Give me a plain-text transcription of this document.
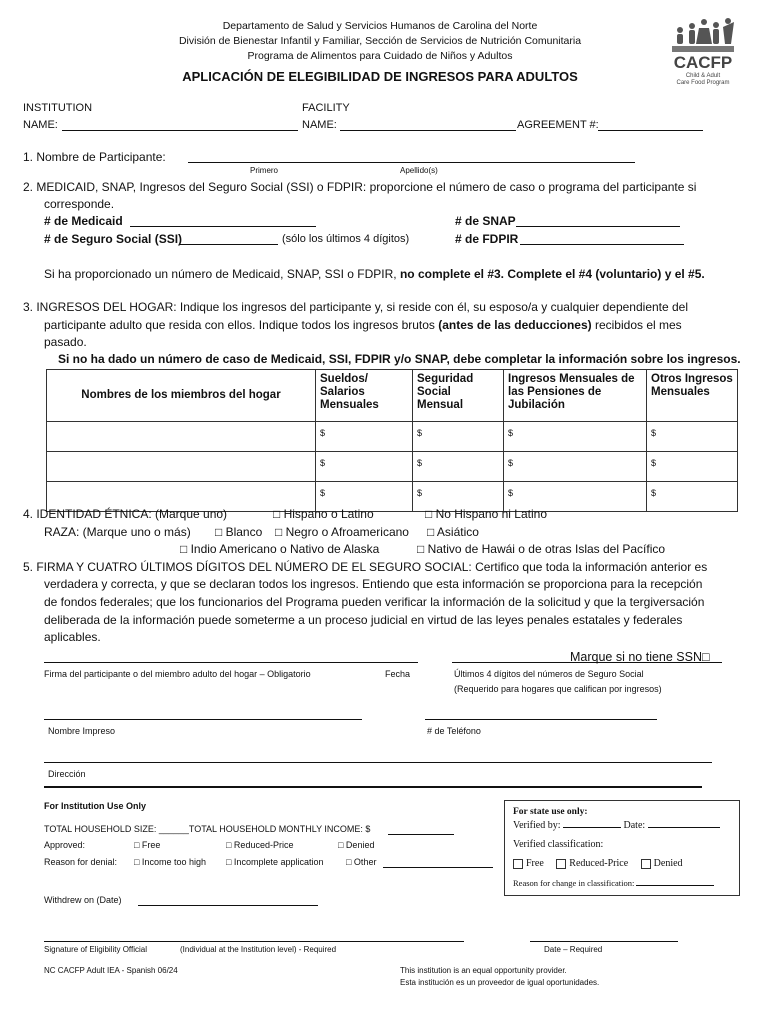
Departamento de Salud y Servicios Humanos de Carolina del Norte
División de Bienestar Infantil y Familiar, Sección de Servicios de Nutrición Comunitaria
Programa de Alimentos para Cuidado de Niños y Adultos
APLICACIÓN DE ELEGIBILIDAD DE INGRESOS PARA ADULTOS
CACFP
Child & Adult
Care Food Program
INSTITUTION
NAME:
FACILITY
NAME:	AGREEMENT #:
1. Nombre de Participante:
Primero	Apellido(s)
2. MEDICAID, SNAP, Ingresos del Seguro Social (SSI) o FDPIR: proporcione el número de caso o programa del participante si
corresponde.
# de Medicaid	# de SNAP
# de Seguro Social (SSI)	(sólo los últimos 4 dígitos)	# de FDPIR
Si ha proporcionado un número de Medicaid, SNAP, SSI o FDPIR, no complete el #3. Complete el #4 (voluntario) y el #5.
3. INGRESOS DEL HOGAR: Indique los ingresos del participante y, si reside con él, su esposo/a y cualquier dependiente del
participante adulto que resida con ellos. Indique todos los ingresos brutos (antes de las deducciones) recibidos el mes
pasado.
Si no ha dado un número de caso de Medicaid, SSI, FDPIR y/o SNAP, debe completar la información sobre los ingresos.
Nombres de los miembros del hogar	Sueldos/ Salarios Mensuales	Seguridad Social Mensual	Ingresos Mensuales de las Pensiones de Jubilación	Otros Ingresos Mensuales
	$	$	$	$
	$	$	$	$
	$	$	$	$
4. IDENTIDAD ÉTNICA: (Marque uno)	□ Hispano o Latino	□ No Hispano ni Latino
RAZA: (Marque uno o más) □ Blanco □ Negro o Afroamericano □ Asiático
□ Indio Americano o Nativo de Alaska	□ Nativo de Hawái o de otras Islas del Pacífico
5. FIRMA Y CUATRO ÚLTIMOS DÍGITOS DEL NÚMERO DE EL SEGURO SOCIAL: Certifico que toda la información anterior es
verdadera y correcta, y que se declaran todos los ingresos. Entiendo que esta información se proporciona para la recepción
de fondos federales; que los funcionarios del Programa pueden verificar la información de la solicitud y que la tergiversación
deliberada de la información puede someterme a un proceso judicial en virtud de las leyes penales estatales y federales
aplicables.
Marque si no tiene SSN□
Firma del participante o del miembro adulto del hogar – Obligatorio	Fecha	Últimos 4 dígitos del números de Seguro Social
(Requerido para hogares que califican por ingresos)
Nombre Impreso	# de Teléfono
Dirección
For Institution Use Only
TOTAL HOUSEHOLD SIZE: ______TOTAL HOUSEHOLD MONTHLY INCOME: $
Approved:	□ Free	□ Reduced-Price	□ Denied
Reason for denial: □ Income too high □ Incomplete application	□ Other
Withdrew on (Date)
For state use only:
Verified by:	Date:
Verified classification:
Free	Reduced-Price	Denied
Reason for change in classification:
Signature of Eligibility Official	(Individual at the Institution level) - Required	Date – Required
NC CACFP Adult IEA - Spanish 06/24	This institution is an equal opportunity provider.
Esta institución es un proveedor de igual oportunidades.
